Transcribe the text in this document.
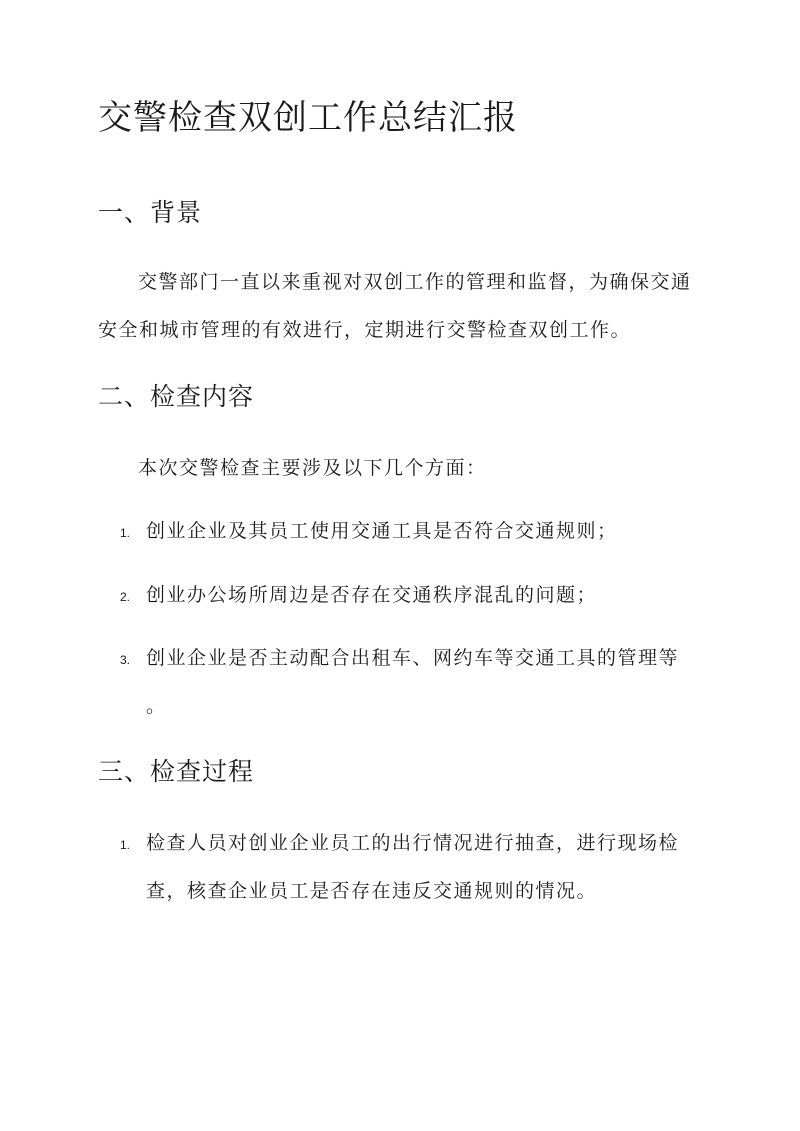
交警检查双创工作总结汇报
一、背景

交警部门一直以来重视对双创工作的管理和监督，为确保交通安全和城市管理的有效进行，定期进行交警检查双创工作。

二、检查内容
本次交警检查主要涉及以下几个方面：
1. 创业企业及其员工使用交通工具是否符合交通规则；
2. 创业办公场所周边是否存在交通秩序混乱的问题；
3. 创业企业是否主动配合出租车、网约车等交通工具的管理等
。
三、检查过程
1. 检查人员对创业企业员工的出行情况进行抽查，进行现场检
查，核查企业员工是否存在违反交通规则的情况。
